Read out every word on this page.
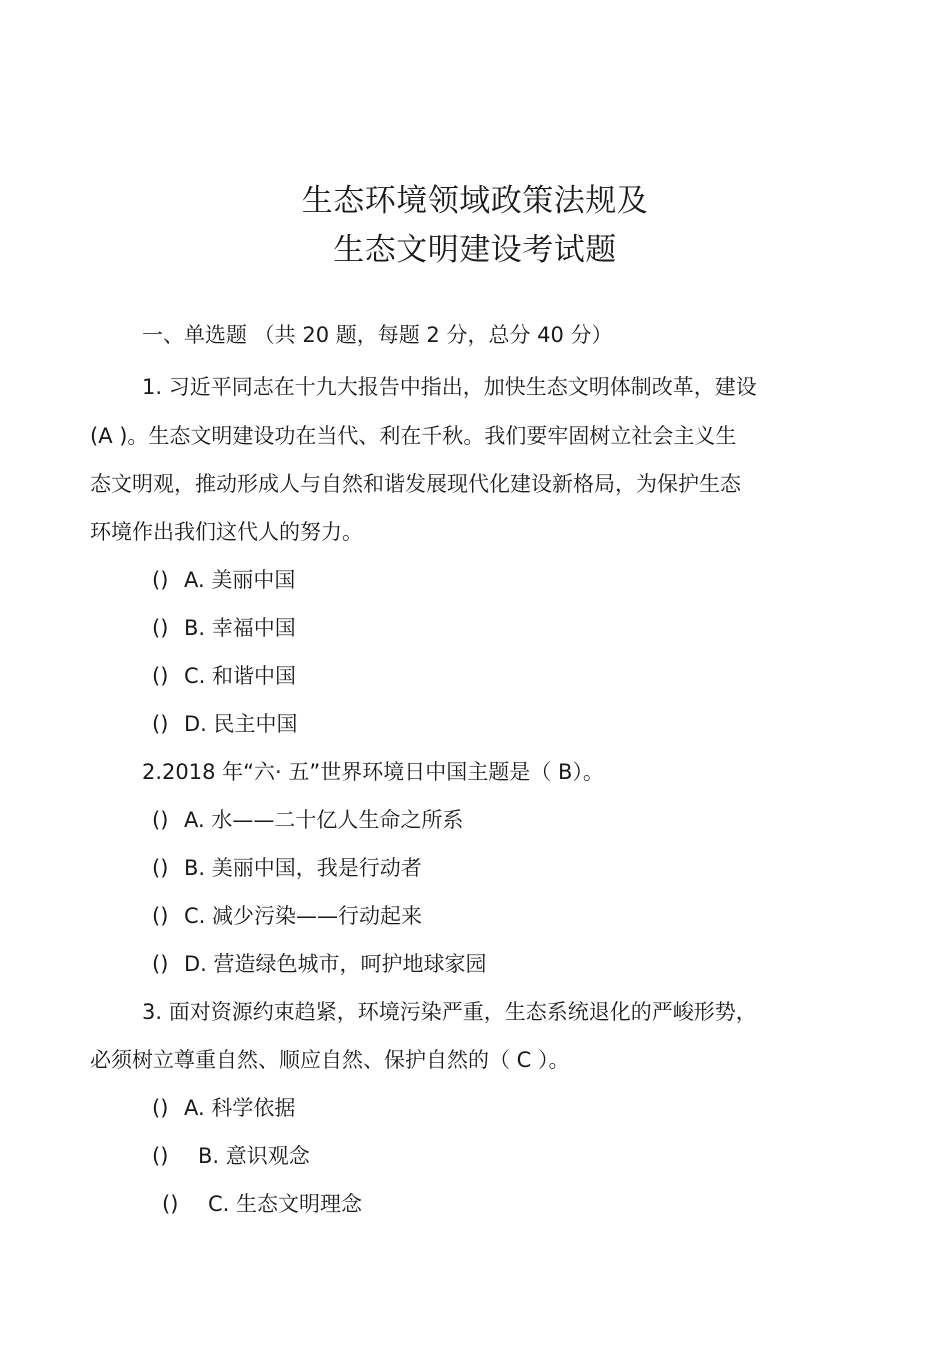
生态环境领域政策法规及
生态文明建设考试题
一、单选题 （共 20 题，每题 2 分，总分 40 分）
1. 习近平同志在十九大报告中指出，加快生态文明体制改革，建设
(A )。生态文明建设功在当代、利在千秋。我们要牢固树立社会主义生
态文明观，推动形成人与自然和谐发展现代化建设新格局，为保护生态
环境作出我们这代人的努力。
() A. 美丽中国
() B. 幸福中国
() C. 和谐中国
() D. 民主中国
2.2018 年“六· 五”世界环境日中国主题是（ B）。
() A. 水——二十亿人生命之所系
() B. 美丽中国，我是行动者
() C. 减少污染——行动起来
() D. 营造绿色城市，呵护地球家园
3. 面对资源约束趋紧，环境污染严重，生态系统退化的严峻形势，
必须树立尊重自然、顺应自然、保护自然的（ C ）。
() A. 科学依据
()	B. 意识观念
()	C. 生态文明理念
